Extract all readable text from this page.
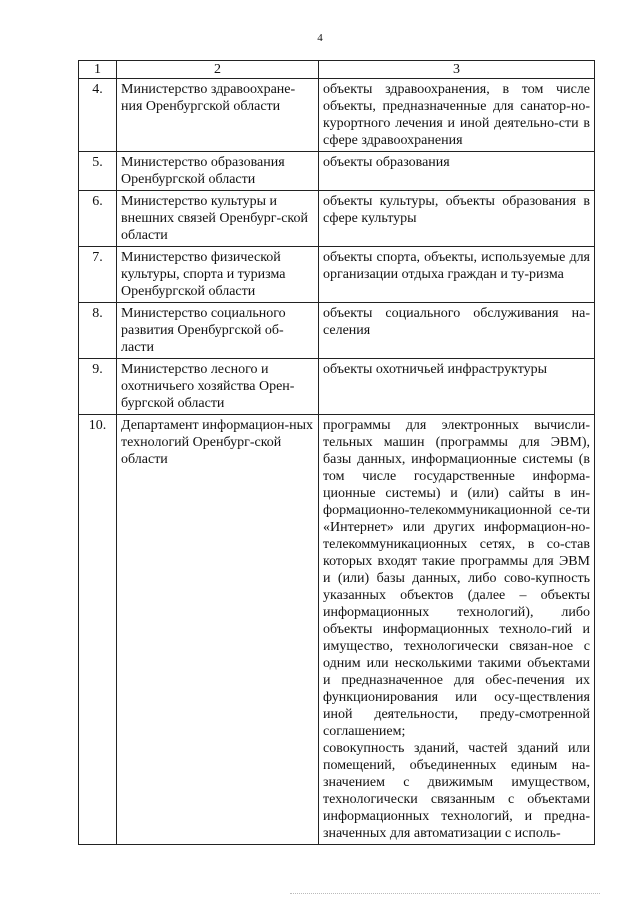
4
1	2	3
4.	Министерство здравоохране-ния Оренбургской области	объекты здравоохранения, в том числе объекты, предназначенные для санатор-но-курортного лечения и иной деятельно-сти в сфере здравоохранения
5.	Министерство образования Оренбургской области	объекты образования
6.	Министерство культуры и внешних связей Оренбург-ской области	объекты культуры, объекты образования в сфере культуры
7.	Министерство физической культуры, спорта и туризма Оренбургской области	объекты спорта, объекты, используемые для организации отдыха граждан и ту-ризма
8.	Министерство социального развития Оренбургской об-ласти	объекты социального обслуживания на-селения
9.	Министерство лесного и охотничьего хозяйства Орен-бургской области	объекты охотничьей инфраструктуры
10.	Департамент информацион-ных технологий Оренбург-ской области	программы для электронных вычисли-тельных машин (программы для ЭВМ), базы данных, информационные системы (в том числе государственные информа-ционные системы) и (или) сайты в ин-формационно-телекоммуникационной се-ти «Интернет» или других информацион-но-телекоммуникационных сетях, в со-став которых входят такие программы для ЭВМ и (или) базы данных, либо сово-купность указанных объектов (далее – объекты информационных технологий), либо объекты информационных техноло-гий и имущество, технологически связан-ное с одним или несколькими такими объектами и предназначенное для обес-печения их функционирования или осу-ществления иной деятельности, преду-смотренной соглашением;
совокупность зданий, частей зданий или помещений, объединенных единым на-значением с движимым имуществом, технологически связанным с объектами информационных технологий, и предна-значенных для автоматизации с исполь-
